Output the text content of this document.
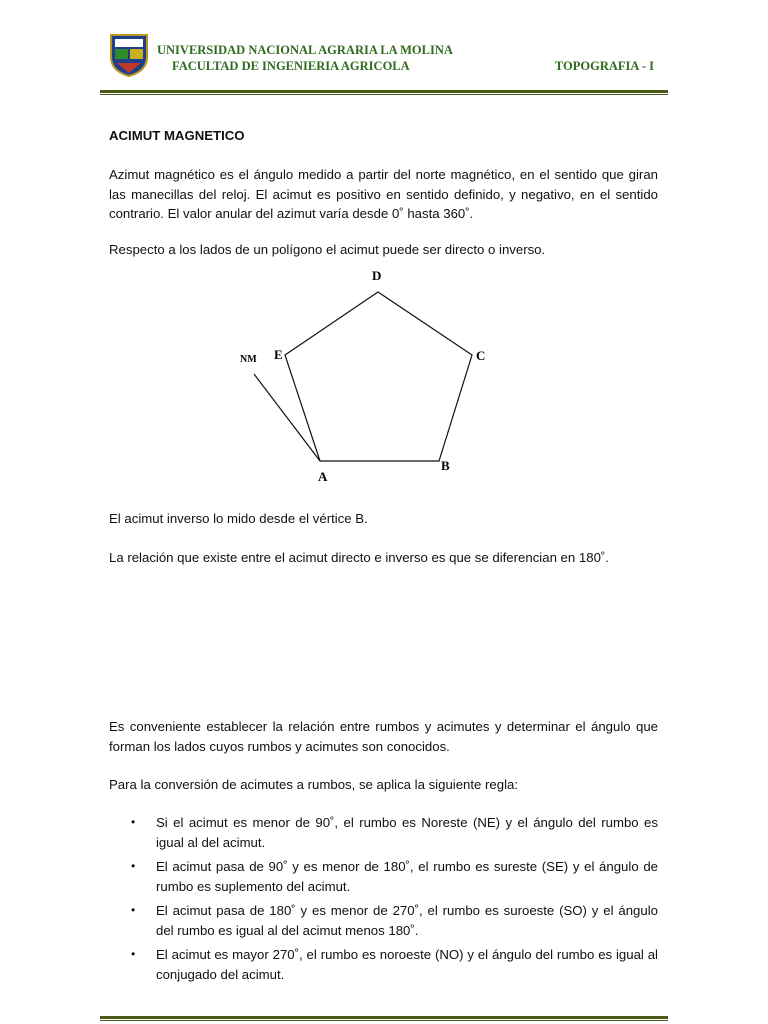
UNIVERSIDAD NACIONAL AGRARIA LA MOLINA
FACULTAD DE INGENIERIA AGRICOLA	TOPOGRAFIA - I

ACIMUT MAGNETICO

Azimut magnético es el ángulo medido a partir del norte magnético, en el sentido que giran las manecillas del reloj. El acimut es positivo en sentido definido, y negativo, en el sentido contrario. El valor anular del azimut varía desde 0˚ hasta 360˚.

Respecto a los lados de un polígono el acimut puede ser directo o inverso.

D
C
E
NM
B
A

El acimut inverso lo mido desde el vértice B.

La relación que existe entre el acimut directo e inverso es que se diferencian en 180˚.

Es conveniente establecer la relación entre rumbos y acimutes y determinar el ángulo que forman los lados cuyos rumbos y acimutes son conocidos.

Para la conversión de acimutes a rumbos, se aplica la siguiente regla:

• Si el acimut es menor de 90˚, el rumbo es Noreste (NE) y el ángulo del rumbo es igual al del acimut.
• El acimut pasa de 90˚ y es menor de 180˚, el rumbo es sureste (SE) y el ángulo de rumbo es suplemento del acimut.
• El acimut pasa de 180˚ y es menor de 270˚, el rumbo es suroeste (SO) y el ángulo del rumbo es igual al del acimut menos 180˚.
• El acimut es mayor 270˚, el rumbo es noroeste (NO) y el ángulo del rumbo es igual al conjugado del acimut.
